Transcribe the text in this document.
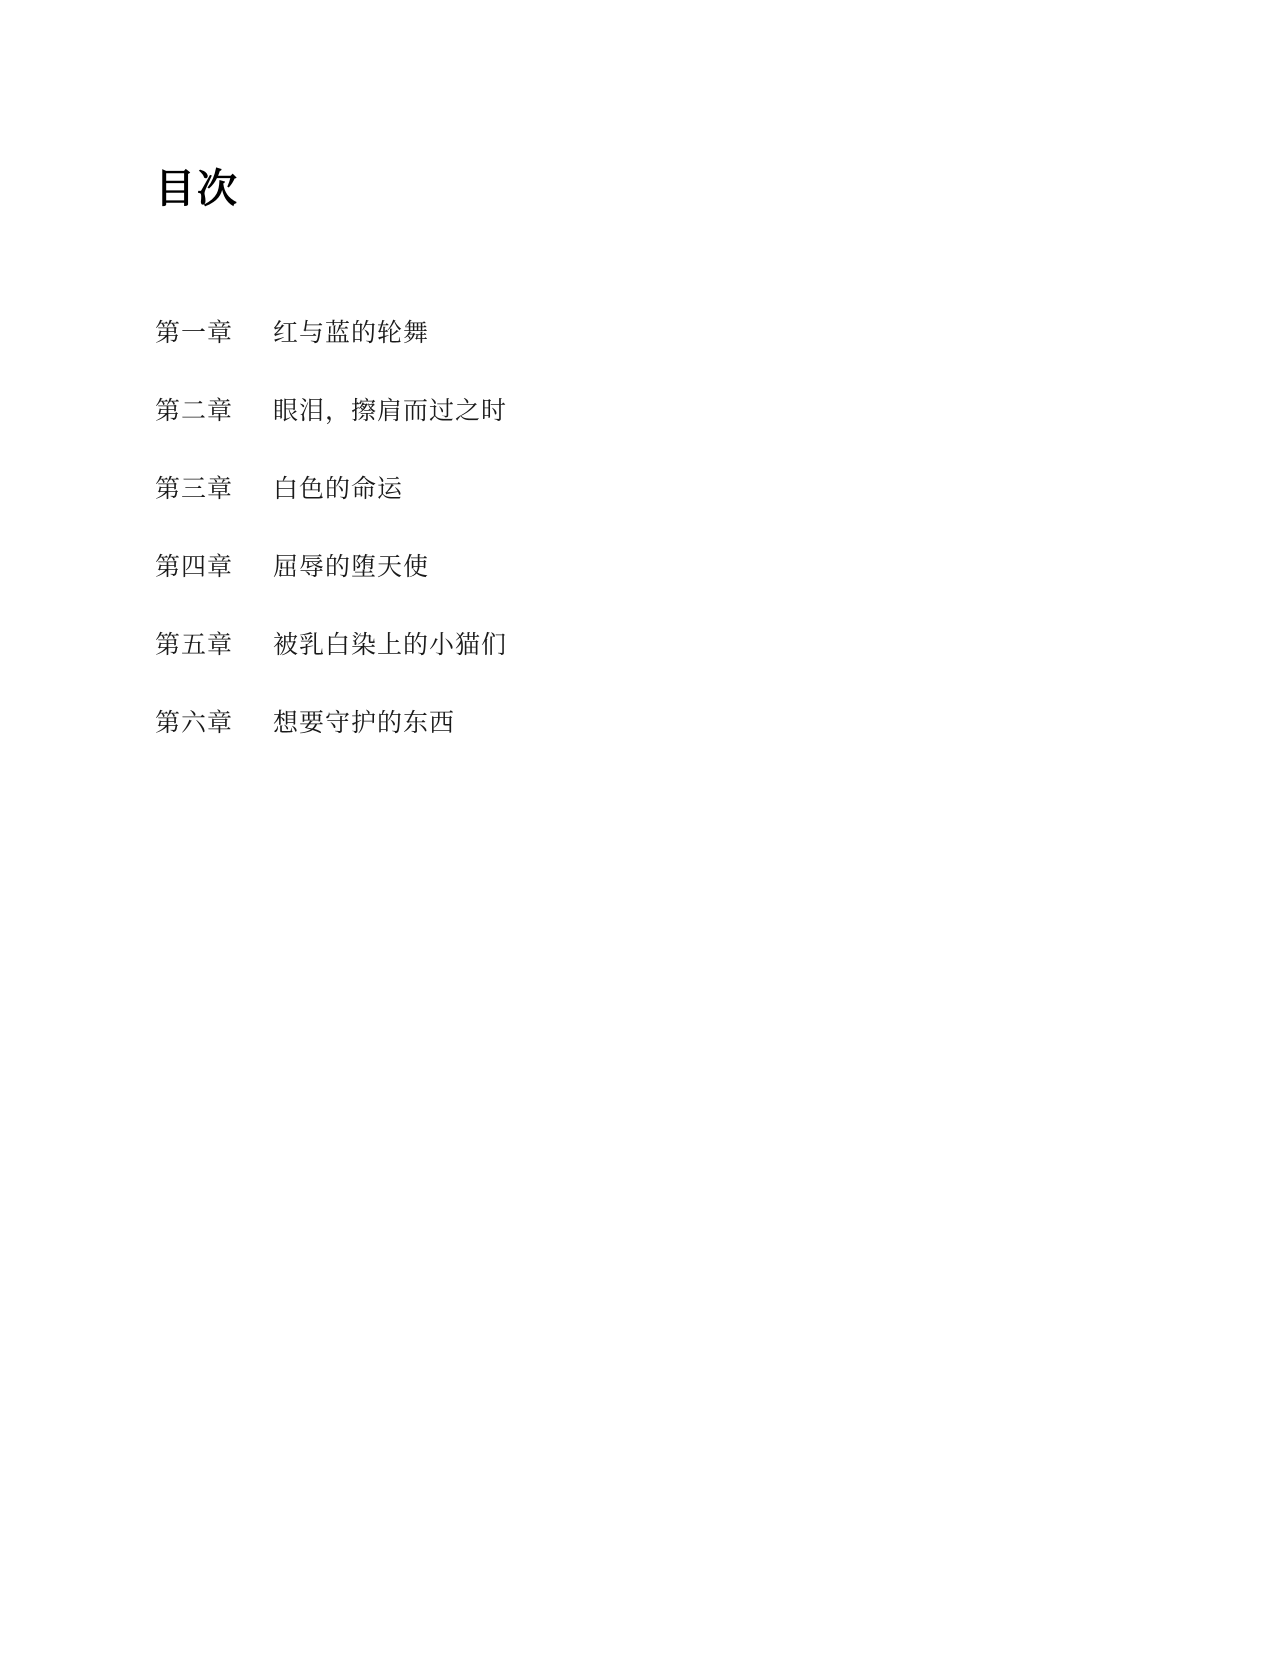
目次
第一章	红与蓝的轮舞
第二章	眼泪，擦肩而过之时
第三章	白色的命运
第四章	屈辱的堕天使
第五章	被乳白染上的小猫们
第六章	想要守护的东西
